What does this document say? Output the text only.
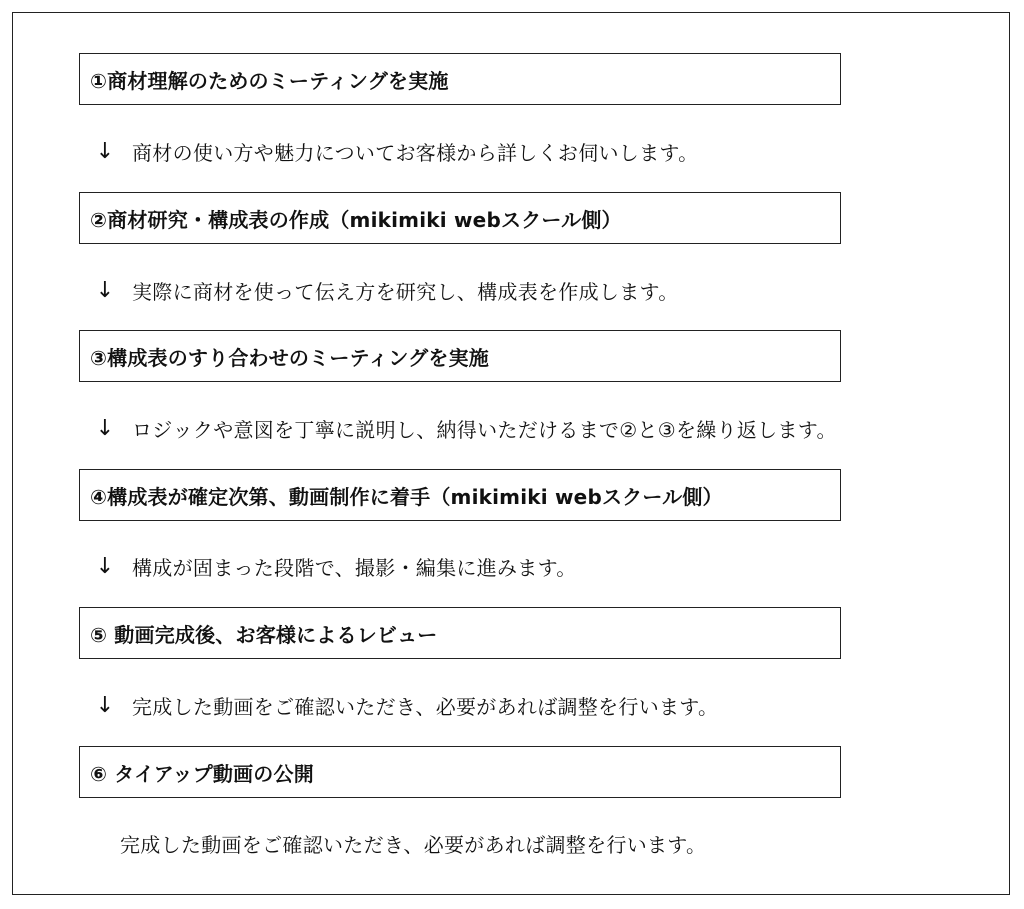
①商材理解のためのミーティングを実施
↓ 商材の使い方や魅力についてお客様から詳しくお伺いします。
②商材研究・構成表の作成（mikimiki webスクール側）
↓ 実際に商材を使って伝え方を研究し、構成表を作成します。
③構成表のすり合わせのミーティングを実施
↓ ロジックや意図を丁寧に説明し、納得いただけるまで②と③を繰り返します。
④構成表が確定次第、動画制作に着手（mikimiki webスクール側）
↓ 構成が固まった段階で、撮影・編集に進みます。
⑤ 動画完成後、お客様によるレビュー
↓ 完成した動画をご確認いただき、必要があれば調整を行います。
⑥ タイアップ動画の公開
完成した動画をご確認いただき、必要があれば調整を行います。
